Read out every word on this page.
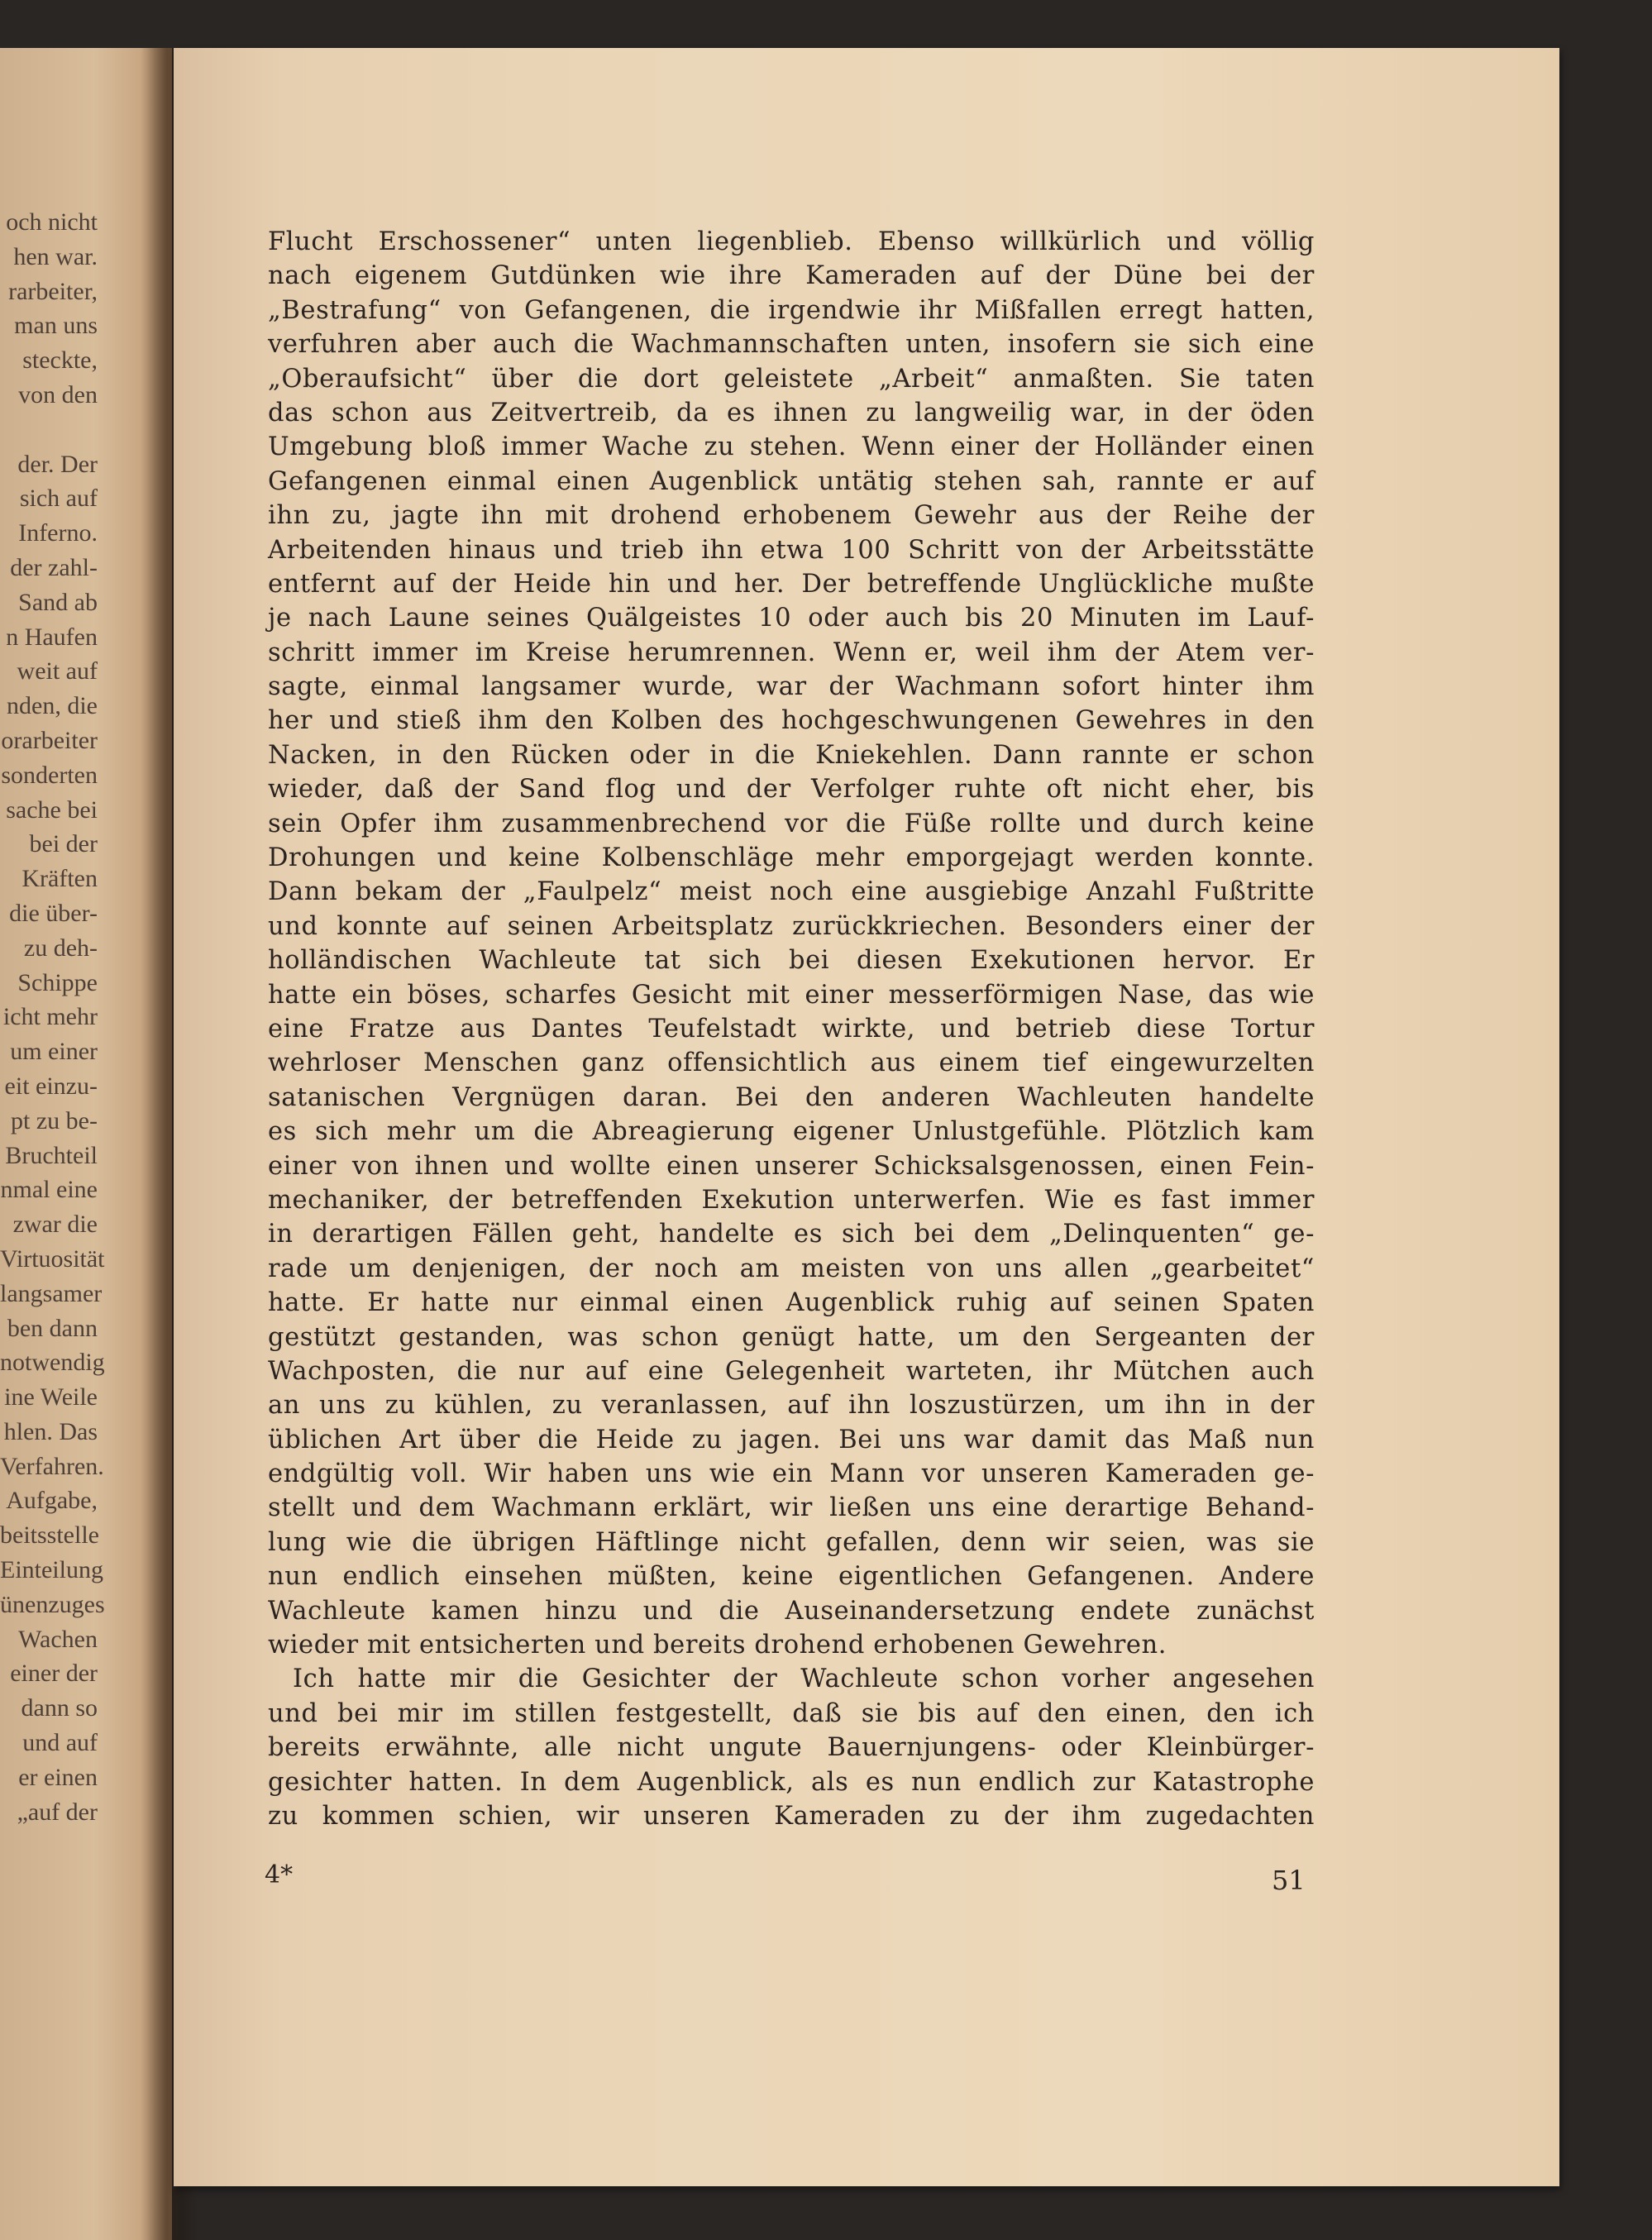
och nicht
hen war.
rarbeiter,
man uns
steckte,
von den
der. Der
sich auf
Inferno.
der zahl-
Sand ab
n Haufen
weit auf
nden, die
orarbeiter
sonderten
sache bei
bei der
Kräften
die über-
zu deh-
Schippe
icht mehr
um einer
eit einzu-
pt zu be-
Bruchteil
nmal eine
zwar die
Virtuosität
langsamer
ben dann
notwendig
ine Weile
hlen. Das
Verfahren.
Aufgabe,
beitsstelle
Einteilung
ünenzuges
Wachen
einer der
dann so
und auf
er einen
„auf der
Flucht Erschossener“ unten liegenblieb. Ebenso willkürlich und völlig
nach eigenem Gutdünken wie ihre Kameraden auf der Düne bei der
„Bestrafung“ von Gefangenen, die irgendwie ihr Mißfallen erregt hatten,
verfuhren aber auch die Wachmannschaften unten, insofern sie sich eine
„Oberaufsicht“ über die dort geleistete „Arbeit“ anmaßten. Sie taten
das schon aus Zeitvertreib, da es ihnen zu langweilig war, in der öden
Umgebung bloß immer Wache zu stehen. Wenn einer der Holländer einen
Gefangenen einmal einen Augenblick untätig stehen sah, rannte er auf
ihn zu, jagte ihn mit drohend erhobenem Gewehr aus der Reihe der
Arbeitenden hinaus und trieb ihn etwa 100 Schritt von der Arbeitsstätte
entfernt auf der Heide hin und her. Der betreffende Unglückliche mußte
je nach Laune seines Quälgeistes 10 oder auch bis 20 Minuten im Lauf-
schritt immer im Kreise herumrennen. Wenn er, weil ihm der Atem ver-
sagte, einmal langsamer wurde, war der Wachmann sofort hinter ihm
her und stieß ihm den Kolben des hochgeschwungenen Gewehres in den
Nacken, in den Rücken oder in die Kniekehlen. Dann rannte er schon
wieder, daß der Sand flog und der Verfolger ruhte oft nicht eher, bis
sein Opfer ihm zusammenbrechend vor die Füße rollte und durch keine
Drohungen und keine Kolbenschläge mehr emporgejagt werden konnte.
Dann bekam der „Faulpelz“ meist noch eine ausgiebige Anzahl Fußtritte
und konnte auf seinen Arbeitsplatz zurückkriechen. Besonders einer der
holländischen Wachleute tat sich bei diesen Exekutionen hervor. Er
hatte ein böses, scharfes Gesicht mit einer messerförmigen Nase, das wie
eine Fratze aus Dantes Teufelstadt wirkte, und betrieb diese Tortur
wehrloser Menschen ganz offensichtlich aus einem tief eingewurzelten
satanischen Vergnügen daran. Bei den anderen Wachleuten handelte
es sich mehr um die Abreagierung eigener Unlustgefühle. Plötzlich kam
einer von ihnen und wollte einen unserer Schicksalsgenossen, einen Fein-
mechaniker, der betreffenden Exekution unterwerfen. Wie es fast immer
in derartigen Fällen geht, handelte es sich bei dem „Delinquenten“ ge-
rade um denjenigen, der noch am meisten von uns allen „gearbeitet“
hatte. Er hatte nur einmal einen Augenblick ruhig auf seinen Spaten
gestützt gestanden, was schon genügt hatte, um den Sergeanten der
Wachposten, die nur auf eine Gelegenheit warteten, ihr Mütchen auch
an uns zu kühlen, zu veranlassen, auf ihn loszustürzen, um ihn in der
üblichen Art über die Heide zu jagen. Bei uns war damit das Maß nun
endgültig voll. Wir haben uns wie ein Mann vor unseren Kameraden ge-
stellt und dem Wachmann erklärt, wir ließen uns eine derartige Behand-
lung wie die übrigen Häftlinge nicht gefallen, denn wir seien, was sie
nun endlich einsehen müßten, keine eigentlichen Gefangenen. Andere
Wachleute kamen hinzu und die Auseinandersetzung endete zunächst
wieder mit entsicherten und bereits drohend erhobenen Gewehren.
Ich hatte mir die Gesichter der Wachleute schon vorher angesehen
und bei mir im stillen festgestellt, daß sie bis auf den einen, den ich
bereits erwähnte, alle nicht ungute Bauernjungens- oder Kleinbürger-
gesichter hatten. In dem Augenblick, als es nun endlich zur Katastrophe
zu kommen schien, wir unseren Kameraden zu der ihm zugedachten
4*	51
